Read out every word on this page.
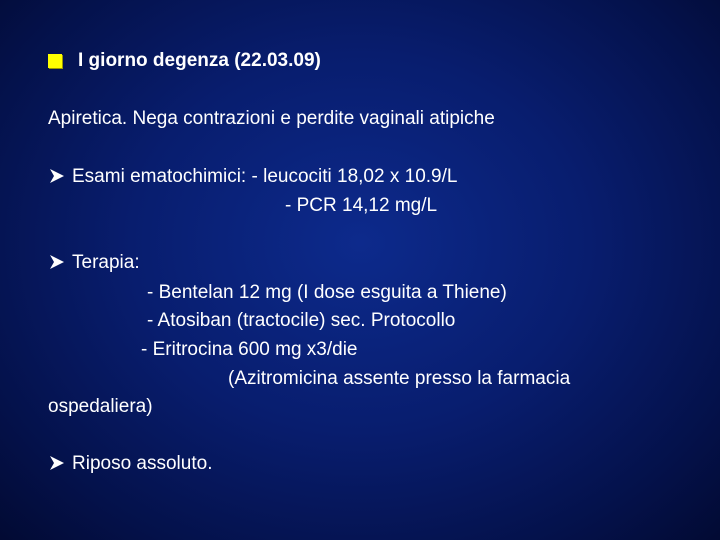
I giorno degenza (22.03.09)
Apiretica. Nega contrazioni e perdite vaginali atipiche
Esami ematochimici: - leucociti 18,02 x 10.9/L
- PCR 14,12 mg/L
Terapia:
- Bentelan 12 mg (I dose esguita a Thiene)
- Atosiban (tractocile) sec. Protocollo
- Eritrocina 600 mg x3/die
(Azitromicina assente presso la farmacia
ospedaliera)
Riposo assoluto.
